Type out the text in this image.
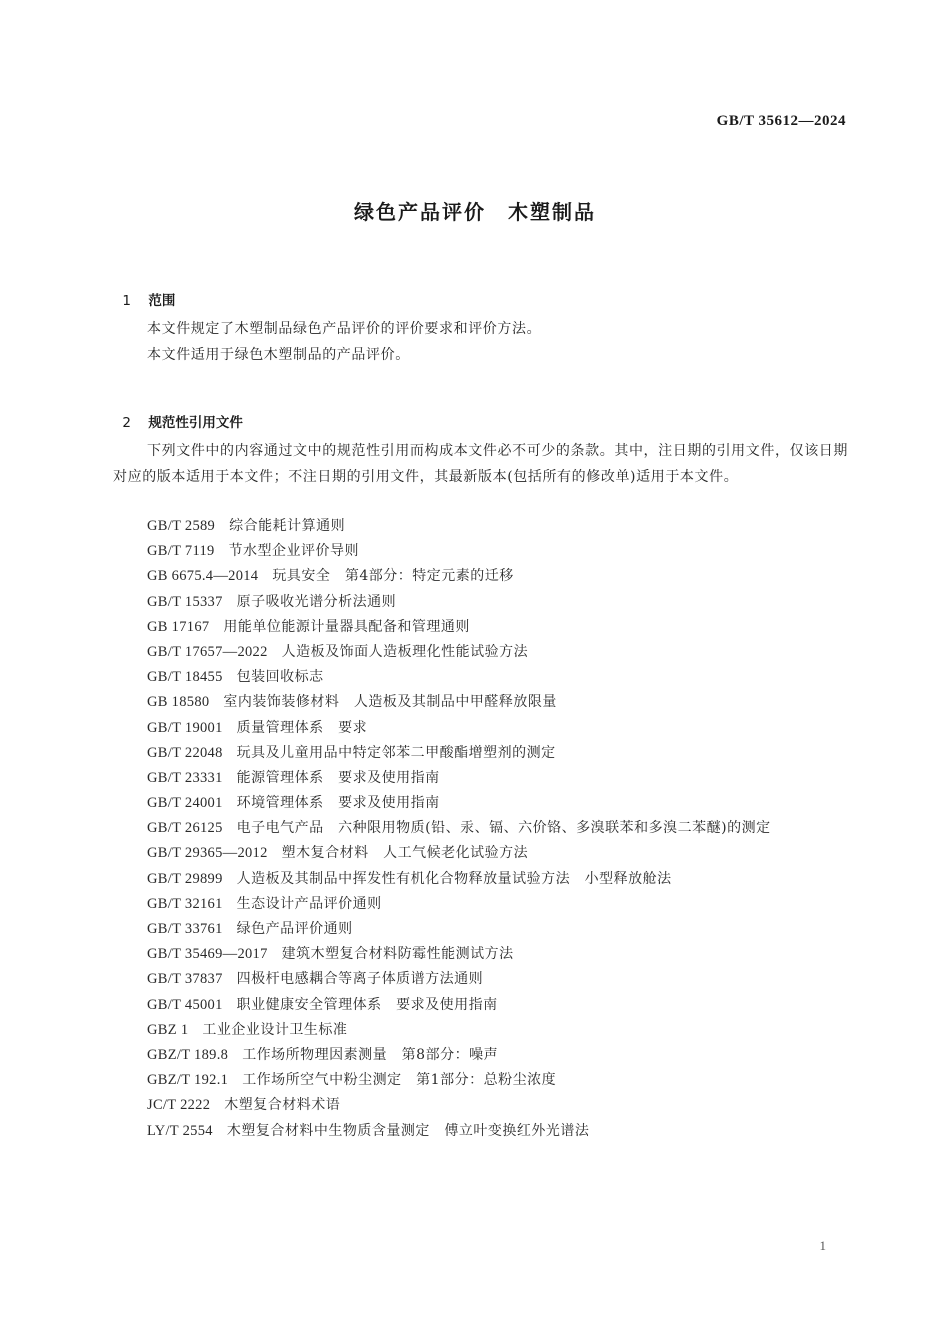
GB/T 35612—2024
绿色产品评价　木塑制品

1 范围

本文件规定了木塑制品绿色产品评价的评价要求和评价方法。
本文件适用于绿色木塑制品的产品评价。

2 规范性引用文件

下列文件中的内容通过文中的规范性引用而构成本文件必不可少的条款。其中，注日期的引用文件，仅该日期对应的版本适用于本文件；不注日期的引用文件，其最新版本(包括所有的修改单)适用于本文件。
GB/T 2589 综合能耗计算通则
GB/T 7119 节水型企业评价导则
GB 6675.4—2014 玩具安全　第4部分：特定元素的迁移
GB/T 15337 原子吸收光谱分析法通则
GB 17167 用能单位能源计量器具配备和管理通则
GB/T 17657—2022 人造板及饰面人造板理化性能试验方法
GB/T 18455 包装回收标志
GB 18580 室内装饰装修材料　人造板及其制品中甲醛释放限量
GB/T 19001 质量管理体系　要求
GB/T 22048 玩具及儿童用品中特定邻苯二甲酸酯增塑剂的测定
GB/T 23331 能源管理体系　要求及使用指南
GB/T 24001 环境管理体系　要求及使用指南
GB/T 26125 电子电气产品　六种限用物质(铅、汞、镉、六价铬、多溴联苯和多溴二苯醚)的测定
GB/T 29365—2012 塑木复合材料　人工气候老化试验方法
GB/T 29899 人造板及其制品中挥发性有机化合物释放量试验方法　小型释放舱法
GB/T 32161 生态设计产品评价通则
GB/T 33761 绿色产品评价通则
GB/T 35469—2017 建筑木塑复合材料防霉性能测试方法
GB/T 37837 四极杆电感耦合等离子体质谱方法通则
GB/T 45001 职业健康安全管理体系　要求及使用指南
GBZ 1 工业企业设计卫生标准
GBZ/T 189.8 工作场所物理因素测量　第8部分：噪声
GBZ/T 192.1 工作场所空气中粉尘测定　第1部分：总粉尘浓度
JC/T 2222 木塑复合材料术语
LY/T 2554 木塑复合材料中生物质含量测定　傅立叶变换红外光谱法
1
